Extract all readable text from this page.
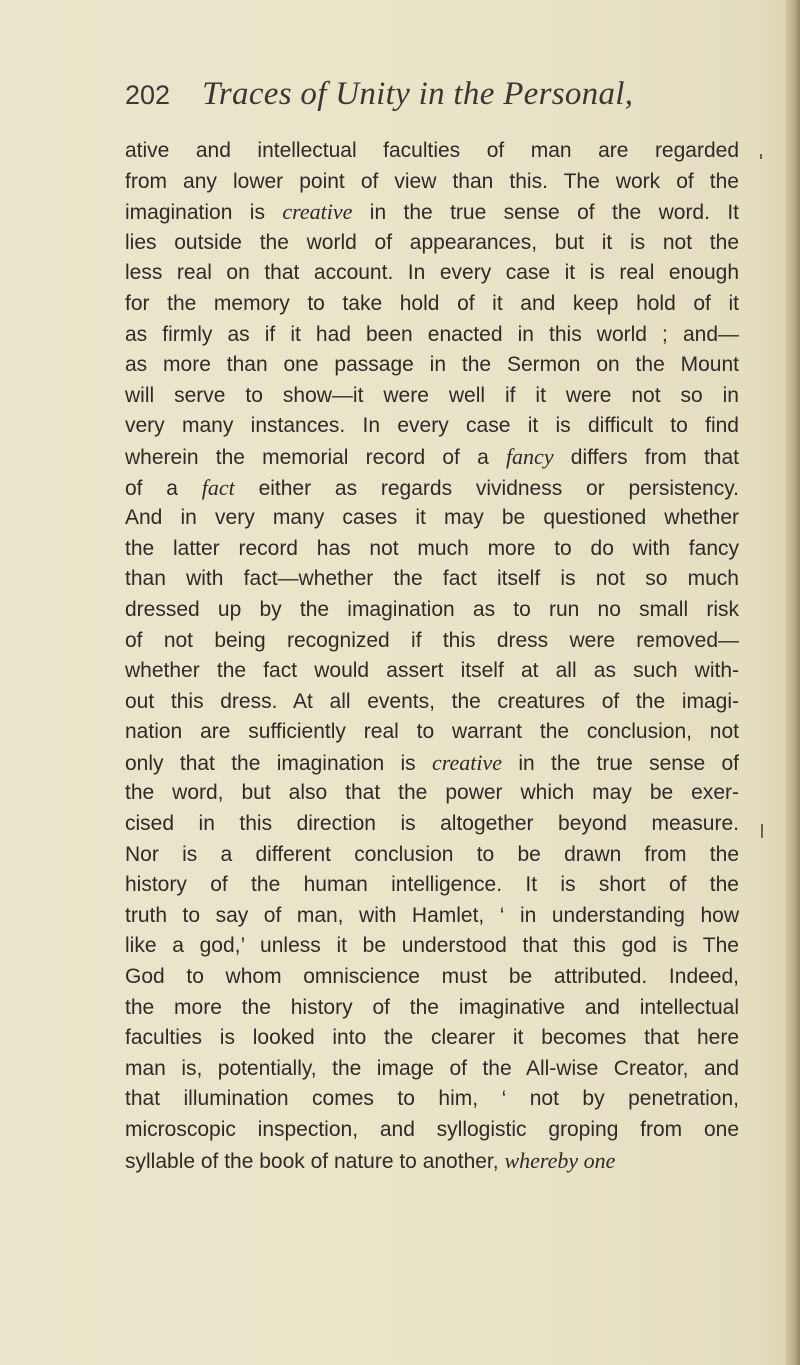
202 Traces of Unity in the Personal,
ative and intellectual faculties of man are regarded
from any lower point of view than this. The work of the
imagination is creative in the true sense of the word. It
lies outside the world of appearances, but it is not the
less real on that account. In every case it is real enough
for the memory to take hold of it and keep hold of it
as firmly as if it had been enacted in this world ; and—
as more than one passage in the Sermon on the Mount
will serve to show—it were well if it were not so in
very many instances. In every case it is difficult to find
wherein the memorial record of a fancy differs from that
of a fact either as regards vividness or persistency.
And in very many cases it may be questioned whether
the latter record has not much more to do with fancy
than with fact—whether the fact itself is not so much
dressed up by the imagination as to run no small risk
of not being recognized if this dress were removed—
whether the fact would assert itself at all as such with-
out this dress. At all events, the creatures of the imagi-
nation are sufficiently real to warrant the conclusion, not
only that the imagination is creative in the true sense of
the word, but also that the power which may be exer-
cised in this direction is altogether beyond measure.
Nor is a different conclusion to be drawn from the
history of the human intelligence. It is short of the
truth to say of man, with Hamlet, ‘ in understanding how
like a god,’ unless it be understood that this god is The
God to whom omniscience must be attributed. Indeed,
the more the history of the imaginative and intellectual
faculties is looked into the clearer it becomes that here
man is, potentially, the image of the All-wise Creator, and
that illumination comes to him, ‘ not by penetration,
microscopic inspection, and syllogistic groping from one
syllable of the book of nature to another, whereby one
